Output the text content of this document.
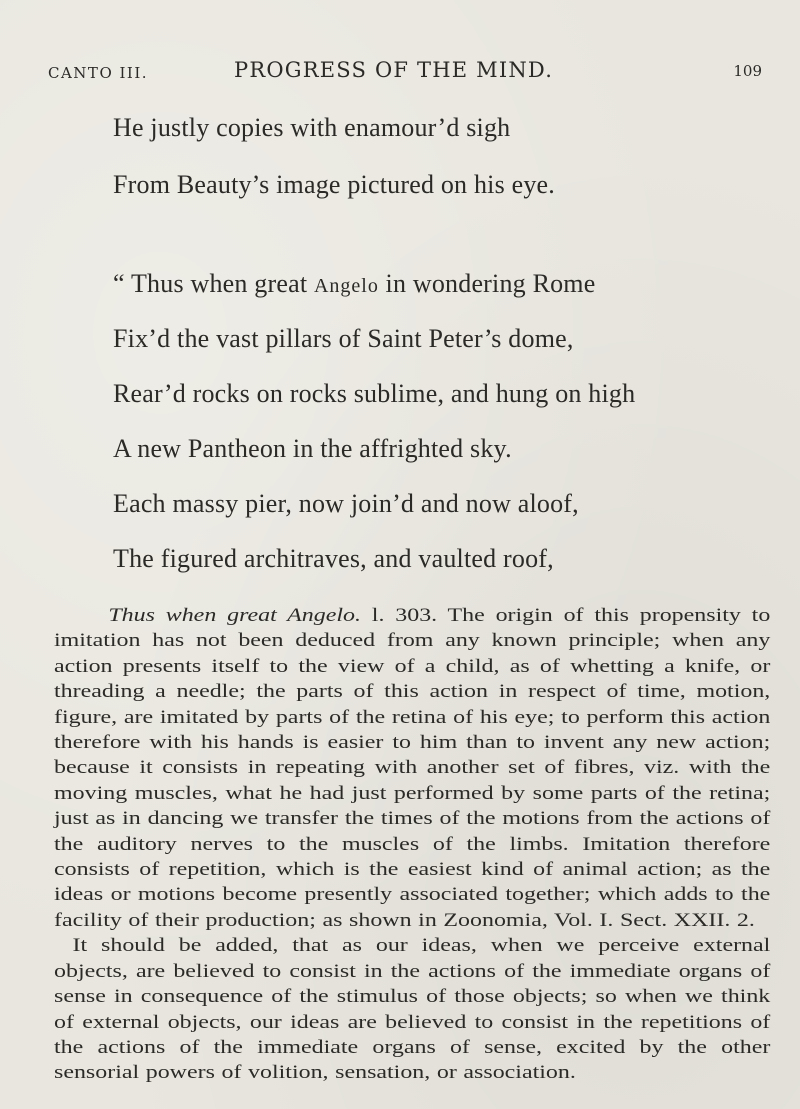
CANTO III.	PROGRESS OF THE MIND.	109
He justly copies with enamour’d sigh
From Beauty’s image pictured on his eye.
“ Thus when great Angelo in wondering Rome
Fix’d the vast pillars of Saint Peter’s dome,
Rear’d rocks on rocks sublime, and hung on high
A new Pantheon in the affrighted sky.
Each massy pier, now join’d and now aloof,
The figured architraves, and vaulted roof,

Thus when great Angelo. l. 303. The origin of this propensity to imitation has not been deduced from any known principle; when any action presents itself to the view of a child, as of whetting a knife, or threading a needle; the parts of this action in respect of time, motion, figure, are imitated by parts of the retina of his eye; to perform this action therefore with his hands is easier to him than to invent any new action; because it consists in repeating with another set of fibres, viz. with the moving muscles, what he had just performed by some parts of the retina; just as in dancing we transfer the times of the motions from the actions of the auditory nerves to the muscles of the limbs. Imitation therefore consists of repetition, which is the easiest kind of animal action; as the ideas or motions become presently associated together; which adds to the facility of their production; as shown in Zoonomia, Vol. I. Sect. XXII. 2.

It should be added, that as our ideas, when we perceive external objects, are believed to consist in the actions of the immediate organs of sense in consequence of the stimulus of those objects; so when we think of external objects, our ideas are believed to consist in the repetitions of the actions of the immediate organs of sense, excited by the other sensorial powers of volition, sensation, or association.
